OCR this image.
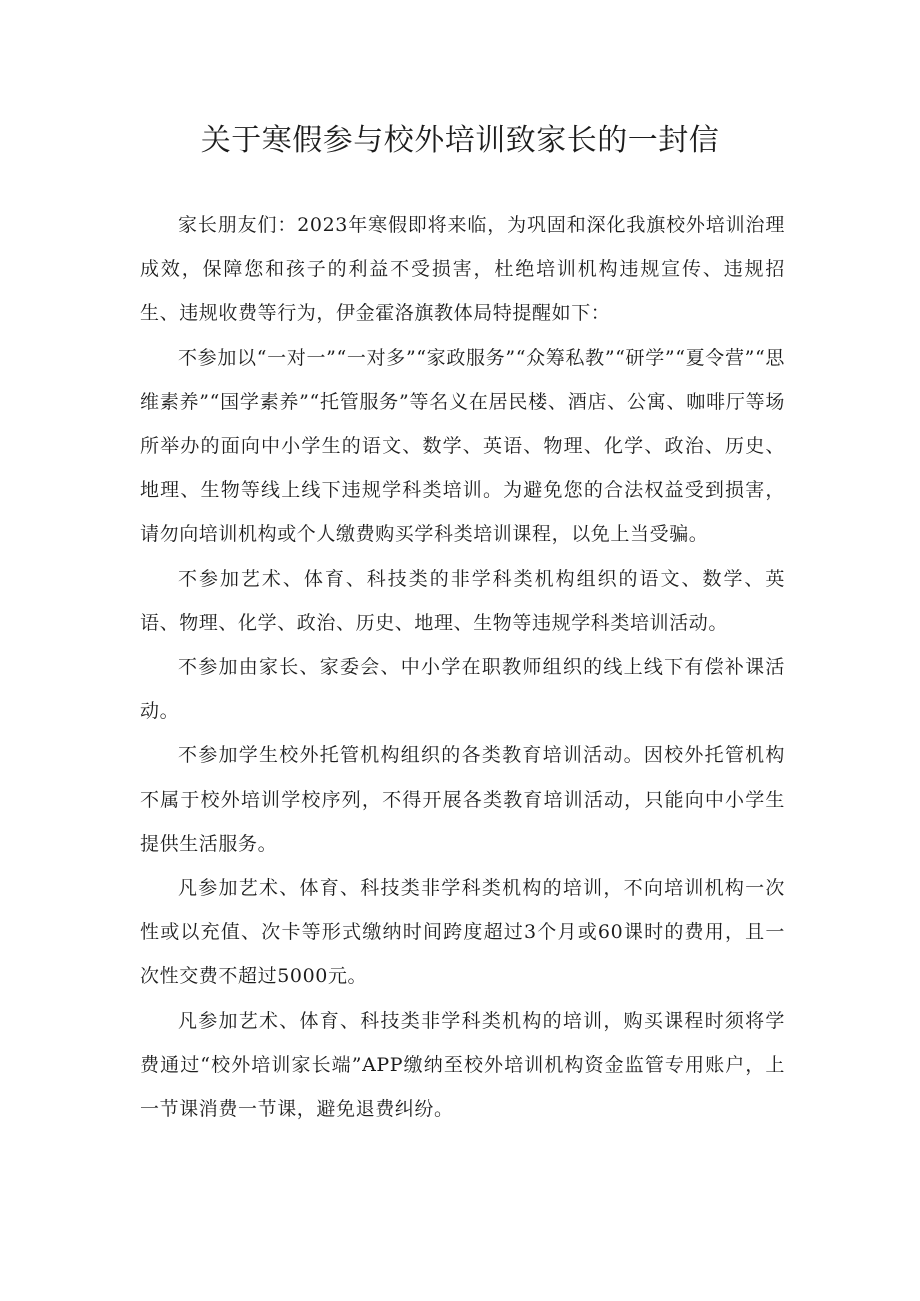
关于寒假参与校外培训致家长的一封信

家长朋友们：2023年寒假即将来临，为巩固和深化我旗校外培训治理成效，保障您和孩子的利益不受损害，杜绝培训机构违规宣传、违规招生、违规收费等行为，伊金霍洛旗教体局特提醒如下：

不参加以“一对一”“一对多”“家政服务”“众筹私教”“研学”“夏令营”“思维素养”“国学素养”“托管服务”等名义在居民楼、酒店、公寓、咖啡厅等场所举办的面向中小学生的语文、数学、英语、物理、化学、政治、历史、地理、生物等线上线下违规学科类培训。为避免您的合法权益受到损害，请勿向培训机构或个人缴费购买学科类培训课程，以免上当受骗。

不参加艺术、体育、科技类的非学科类机构组织的语文、数学、英语、物理、化学、政治、历史、地理、生物等违规学科类培训活动。

不参加由家长、家委会、中小学在职教师组织的线上线下有偿补课活动。

不参加学生校外托管机构组织的各类教育培训活动。因校外托管机构不属于校外培训学校序列，不得开展各类教育培训活动，只能向中小学生提供生活服务。

凡参加艺术、体育、科技类非学科类机构的培训，不向培训机构一次性或以充值、次卡等形式缴纳时间跨度超过3个月或60课时的费用，且一次性交费不超过5000元。

凡参加艺术、体育、科技类非学科类机构的培训，购买课程时须将学费通过“校外培训家长端”APP缴纳至校外培训机构资金监管专用账户，上一节课消费一节课，避免退费纠纷。
